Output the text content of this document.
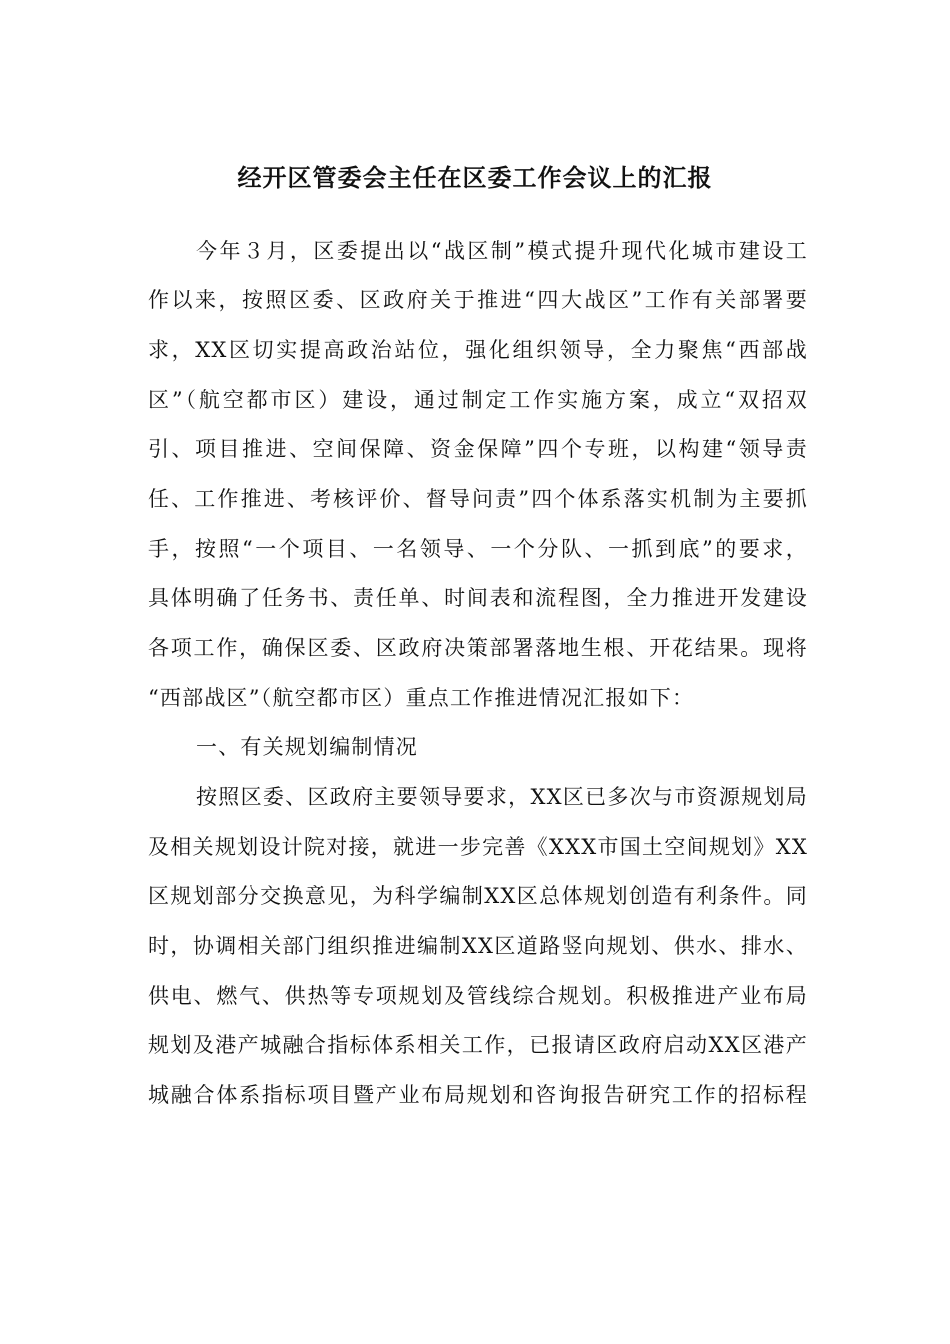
经开区管委会主任在区委工作会议上的汇报
今年３月，区委提出以“战区制”模式提升现代化城市建设工
作以来，按照区委、区政府关于推进“四大战区”工作有关部署要
求，XX区切实提高政治站位，强化组织领导，全力聚焦“西部战
区”（航空都市区）建设，通过制定工作实施方案，成立“双招双
引、项目推进、空间保障、资金保障”四个专班，以构建“领导责
任、工作推进、考核评价、督导问责”四个体系落实机制为主要抓
手，按照“一个项目、一名领导、一个分队、一抓到底”的要求，
具体明确了任务书、责任单、时间表和流程图，全力推进开发建设
各项工作，确保区委、区政府决策部署落地生根、开花结果。现将
“西部战区”（航空都市区）重点工作推进情况汇报如下：
一、有关规划编制情况
按照区委、区政府主要领导要求，XX区已多次与市资源规划局
及相关规划设计院对接，就进一步完善《XXX市国土空间规划》XX
区规划部分交换意见，为科学编制XX区总体规划创造有利条件。同
时，协调相关部门组织推进编制XX区道路竖向规划、供水、排水、
供电、燃气、供热等专项规划及管线综合规划。积极推进产业布局
规划及港产城融合指标体系相关工作，已报请区政府启动XX区港产
城融合体系指标项目暨产业布局规划和咨询报告研究工作的招标程
